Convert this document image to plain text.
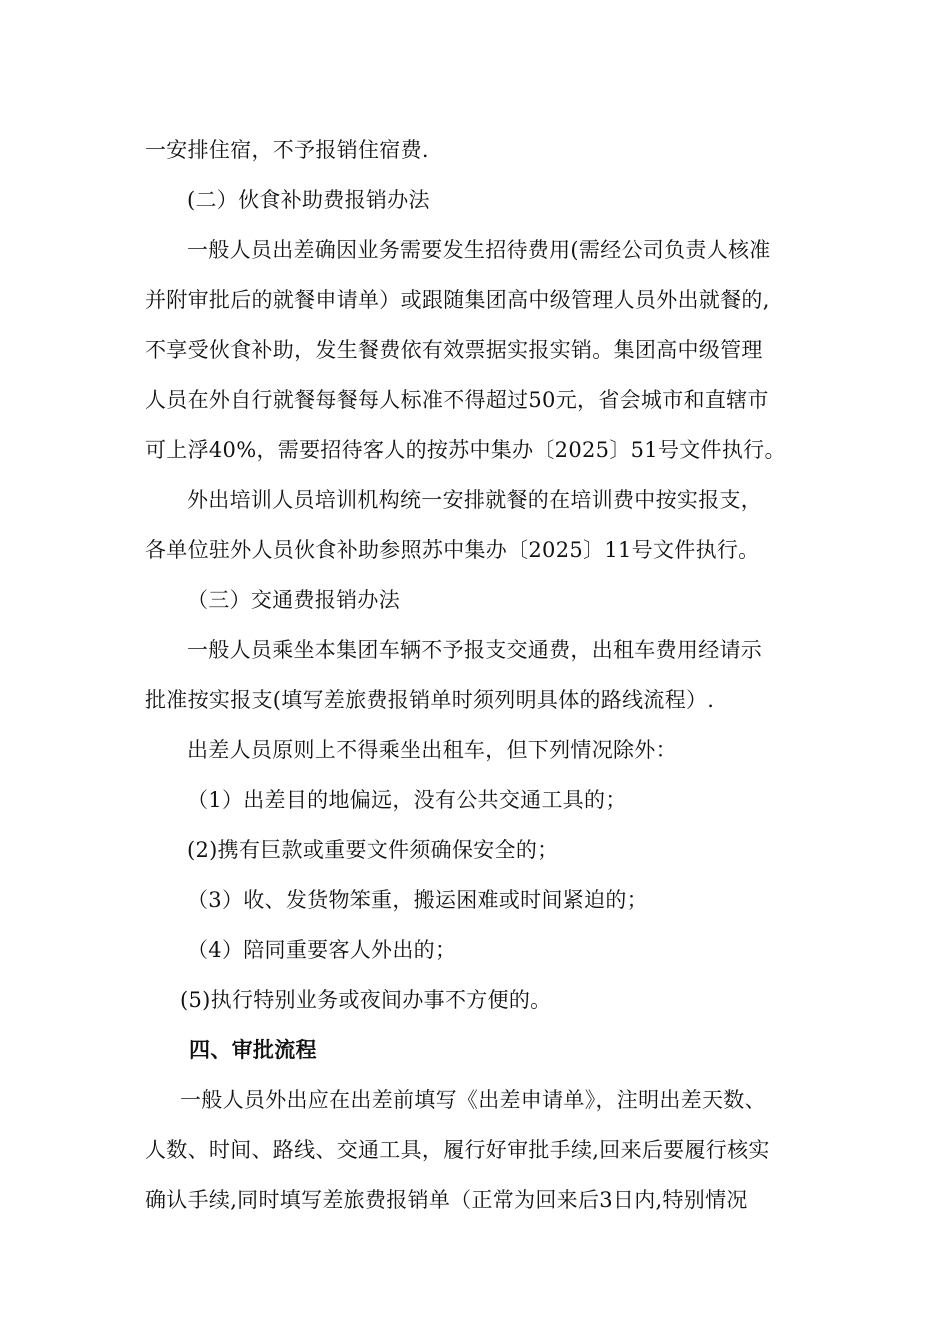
一安排住宿，不予报销住宿费.
(二）伙食补助费报销办法
一般人员出差确因业务需要发生招待费用(需经公司负责人核准
并附审批后的就餐申请单）或跟随集团高中级管理人员外出就餐的,
不享受伙食补助，发生餐费依有效票据实报实销。集团高中级管理
人员在外自行就餐每餐每人标准不得超过50元，省会城市和直辖市
可上浮40%，需要招待客人的按苏中集办〔2025〕51号文件执行。
外出培训人员培训机构统一安排就餐的在培训费中按实报支，
各单位驻外人员伙食补助参照苏中集办〔2025〕11号文件执行。
（三）交通费报销办法
一般人员乘坐本集团车辆不予报支交通费，出租车费用经请示
批准按实报支(填写差旅费报销单时须列明具体的路线流程）.
出差人员原则上不得乘坐出租车，但下列情况除外：
（1）出差目的地偏远，没有公共交通工具的；
(2)携有巨款或重要文件须确保安全的；
（3）收、发货物笨重，搬运困难或时间紧迫的；
（4）陪同重要客人外出的；
(5)执行特别业务或夜间办事不方便的。
四、审批流程
一般人员外出应在出差前填写《出差申请单》，注明出差天数、
人数、时间、路线、交通工具，履行好审批手续,回来后要履行核实
确认手续,同时填写差旅费报销单（正常为回来后3日内,特别情况
